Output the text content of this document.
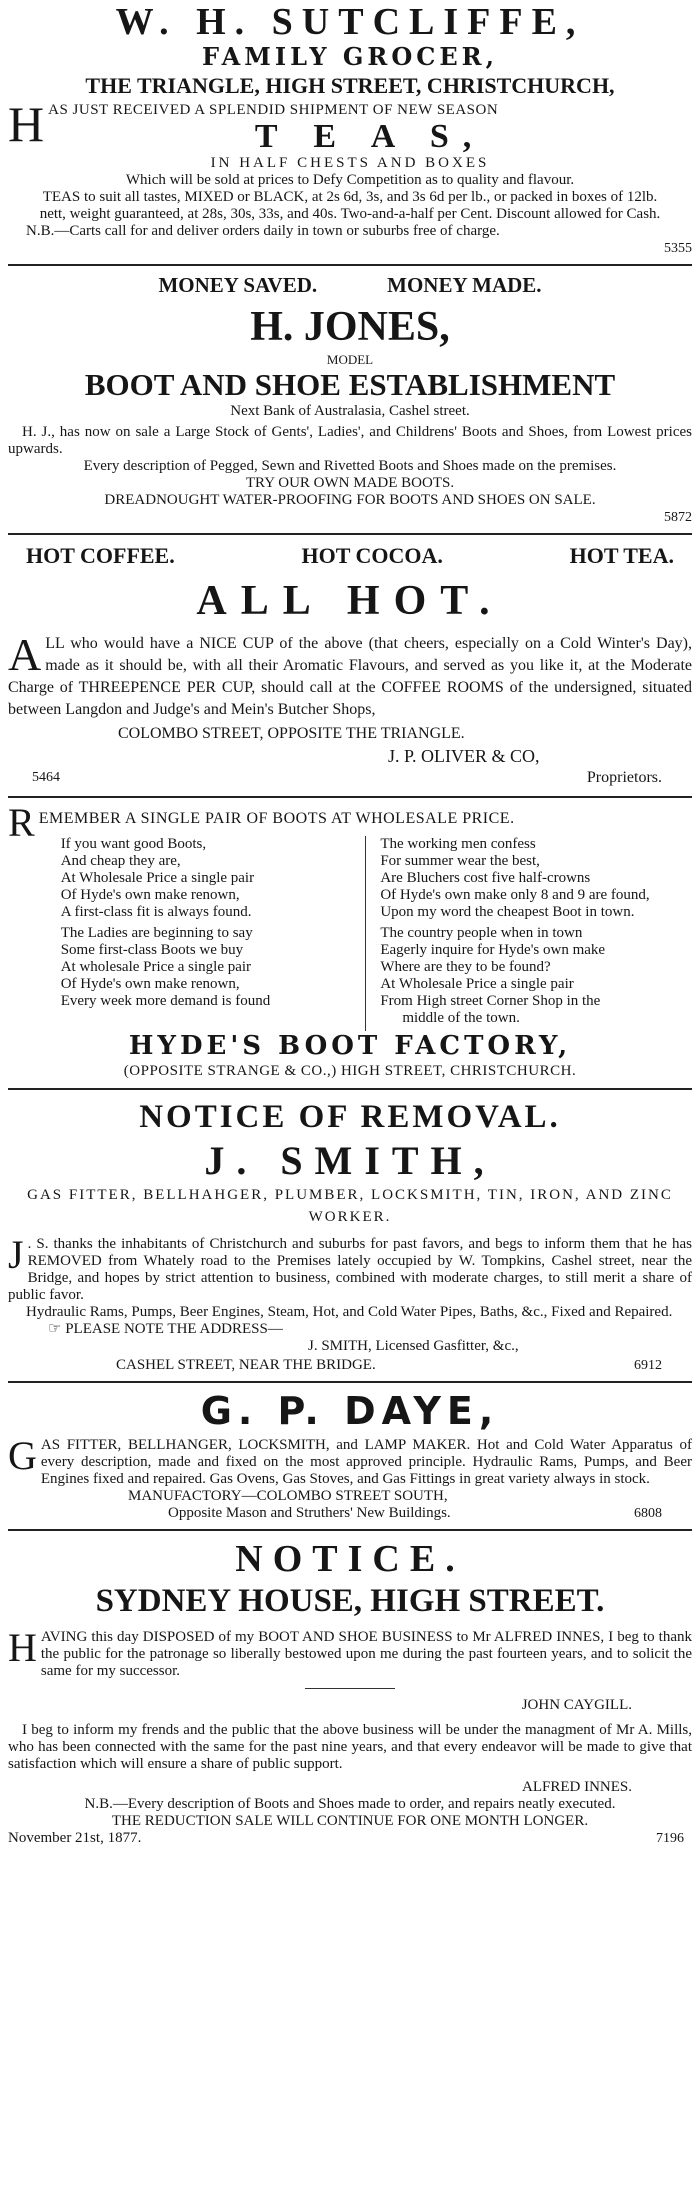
W. H. SUTCLIFFE,

FAMILY GROCER,

THE TRIANGLE, HIGH STREET, CHRISTCHURCH,

H AS JUST RECEIVED A SPLENDID SHIPMENT OF NEW SEASON

T E A S,

IN HALF CHESTS AND BOXES

Which will be sold at prices to Defy Competition as to quality and flavour.

TEAS to suit all tastes, MIXED or BLACK, at 2s 6d, 3s, and 3s 6d per lb., or packed in boxes of 12lb. nett, weight guaranteed, at 28s, 30s, 33s, and 40s. Two-and-a-half per Cent. Discount allowed for Cash.

N.B.—Carts call for and deliver orders daily in town or suburbs free of charge.

5355

MONEY SAVED.	MONEY MADE.

H. JONES,

MODEL

BOOT AND SHOE ESTABLISHMENT

Next Bank of Australasia, Cashel street.

H. J., has now on sale a Large Stock of Gents', Ladies', and Childrens' Boots and Shoes, from Lowest prices upwards.

Every description of Pegged, Sewn and Rivetted Boots and Shoes made on the premises.

TRY OUR OWN MADE BOOTS.

DREADNOUGHT WATER-PROOFING FOR BOOTS AND SHOES ON SALE.

5872

HOT COFFEE.	HOT COCOA.	HOT TEA.

ALL HOT.

A LL who would have a NICE CUP of the above (that cheers, especially on a Cold Winter's Day), made as it should be, with all their Aromatic Flavours, and served as you like it, at the Moderate Charge of THREEPENCE PER CUP, should call at the COFFEE ROOMS of the undersigned, situated between Langdon and Judge's and Mein's Butcher Shops,

COLOMBO STREET, OPPOSITE THE TRIANGLE.

J. P. OLIVER & CO,

5464	Proprietors.
R EMEMBER A SINGLE PAIR OF BOOTS AT WHOLESALE PRICE.

If you want good Boots,
And cheap they are,
At Wholesale Price a single pair
Of Hyde's own make renown,
A first-class fit is always found.
The Ladies are beginning to say
Some first-class Boots we buy
At wholesale Price a single pair
Of Hyde's own make renown,
Every week more demand is found
The working men confess
For summer wear the best,
Are Bluchers cost five half-crowns
Of Hyde's own make only 8 and 9 are found,
Upon my word the cheapest Boot in town.
The country people when in town
Eagerly inquire for Hyde's own make
Where are they to be found?
At Wholesale Price a single pair
From High street Corner Shop in the
middle of the town.

HYDE'S BOOT FACTORY,

(OPPOSITE STRANGE & CO.,) HIGH STREET, CHRISTCHURCH.

NOTICE OF REMOVAL.

J. SMITH,

GAS FITTER, BELLHAHGER, PLUMBER, LOCKSMITH, TIN, IRON, AND ZINC WORKER.

J . S. thanks the inhabitants of Christchurch and suburbs for past favors, and begs to inform them that he has REMOVED from Whately road to the Premises lately occupied by W. Tompkins, Cashel street, near the Bridge, and hopes by strict attention to business, combined with moderate charges, to still merit a share of public favor.

Hydraulic Rams, Pumps, Beer Engines, Steam, Hot, and Cold Water Pipes, Baths, &c., Fixed and Repaired.

☞ PLEASE NOTE THE ADDRESS—

J. SMITH, Licensed Gasfitter, &c.,

CASHEL STREET, NEAR THE BRIDGE.	6912

G. P. DAYE,

G AS FITTER, BELLHANGER, LOCKSMITH, and LAMP MAKER. Hot and Cold Water Apparatus of every description, made and fixed on the most approved principle. Hydraulic Rams, Pumps, and Beer Engines fixed and repaired. Gas Ovens, Gas Stoves, and Gas Fittings in great variety always in stock.

MANUFACTORY—COLOMBO STREET SOUTH,

Opposite Mason and Struthers' New Buildings.	6808

NOTICE.

SYDNEY HOUSE, HIGH STREET.

H AVING this day DISPOSED of my BOOT AND SHOE BUSINESS to Mr ALFRED INNES, I beg to thank the public for the patronage so liberally bestowed upon me during the past fourteen years, and to solicit the same for my successor.

JOHN CAYGILL.

I beg to inform my frends and the public that the above business will be under the managment of Mr A. Mills, who has been connected with the same for the past nine years, and that every endeavor will be made to give that satisfaction which will ensure a share of public support.

ALFRED INNES.

N.B.—Every description of Boots and Shoes made to order, and repairs neatly executed.

THE REDUCTION SALE WILL CONTINUE FOR ONE MONTH LONGER.

November 21st, 1877.	7196
